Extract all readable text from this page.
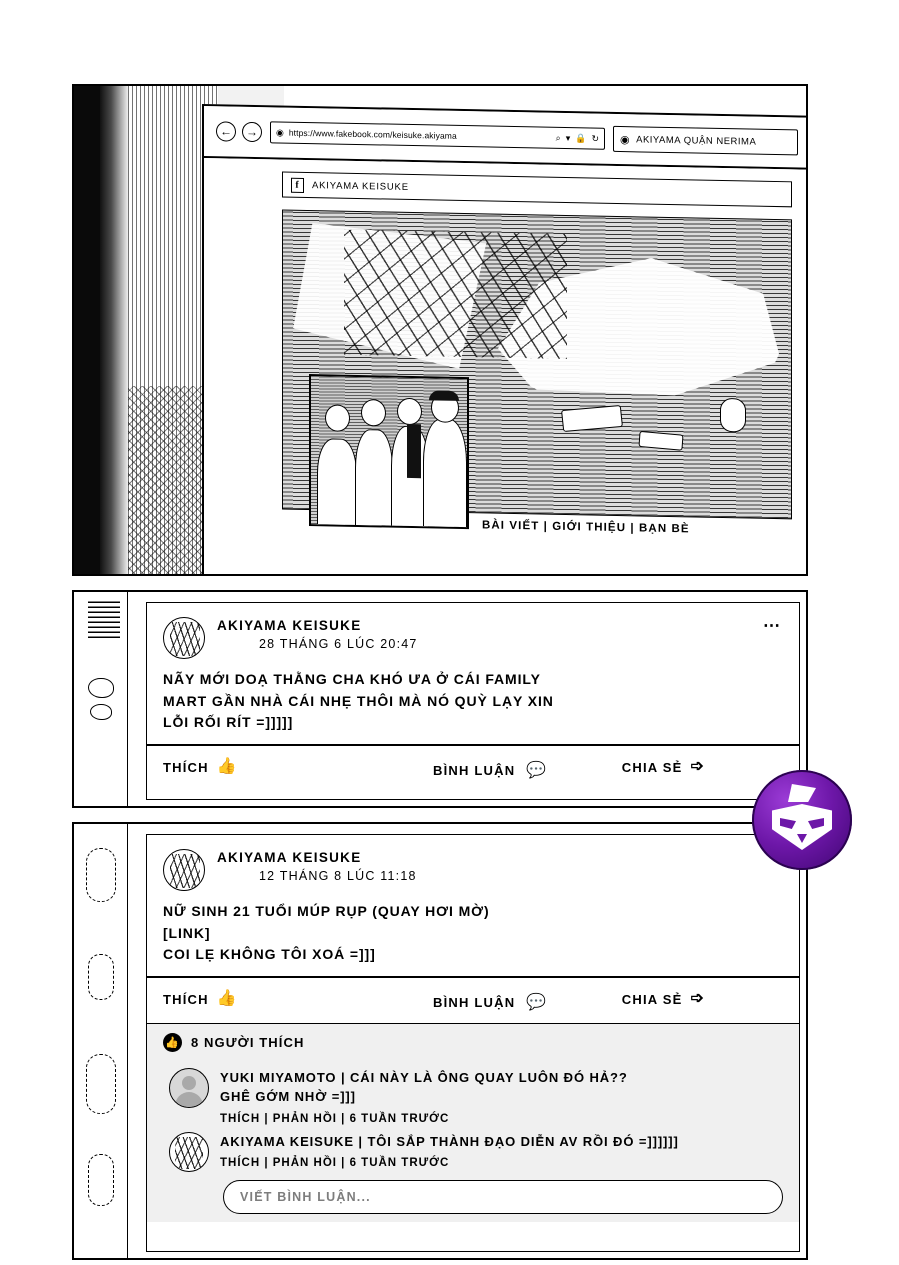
←	→	◉ https://www.fakebook.com/keisuke.akiyama	⌕ ▾ 🔒 ↻ ◉ AKIYAMA QUẬN NERIMA
f	AKIYAMA KEISUKE
BÀI VIẾT | GIỚI THIỆU | BẠN BÈ
AKIYAMA KEISUKE
28 THÁNG 6 LÚC 20:47
⋯
NÃY MỚI DOẠ THẰNG CHA KHÓ ƯA Ở CÁI FAMILY
MART GẦN NHÀ CÁI NHẸ THÔI MÀ NÓ QUỲ LẠY XIN
LỖI RỐI RÍT =]]]]]
THÍCH 👍	BÌNH LUẬN 💬	CHIA SẺ ➩
AKIYAMA KEISUKE
12 THÁNG 8 LÚC 11:18
NỮ SINH 21 TUỔI MÚP RỤP (QUAY HƠI MỜ)
[LINK]
COI LẸ KHÔNG TÔI XOÁ =]]]
THÍCH 👍	BÌNH LUẬN 💬	CHIA SẺ ➩
👍 8 NGƯỜI THÍCH
YUKI MIYAMOTO | CÁI NÀY LÀ ÔNG QUAY LUÔN ĐÓ HẢ??
GHÊ GỚM NHỜ =]]]
THÍCH | PHẢN HỒI | 6 TUẦN TRƯỚC
AKIYAMA KEISUKE | TÔI SẮP THÀNH ĐẠO DIỄN AV RỒI ĐÓ =]]]]]]
THÍCH | PHẢN HỒI | 6 TUẦN TRƯỚC
VIẾT BÌNH LUẬN...
